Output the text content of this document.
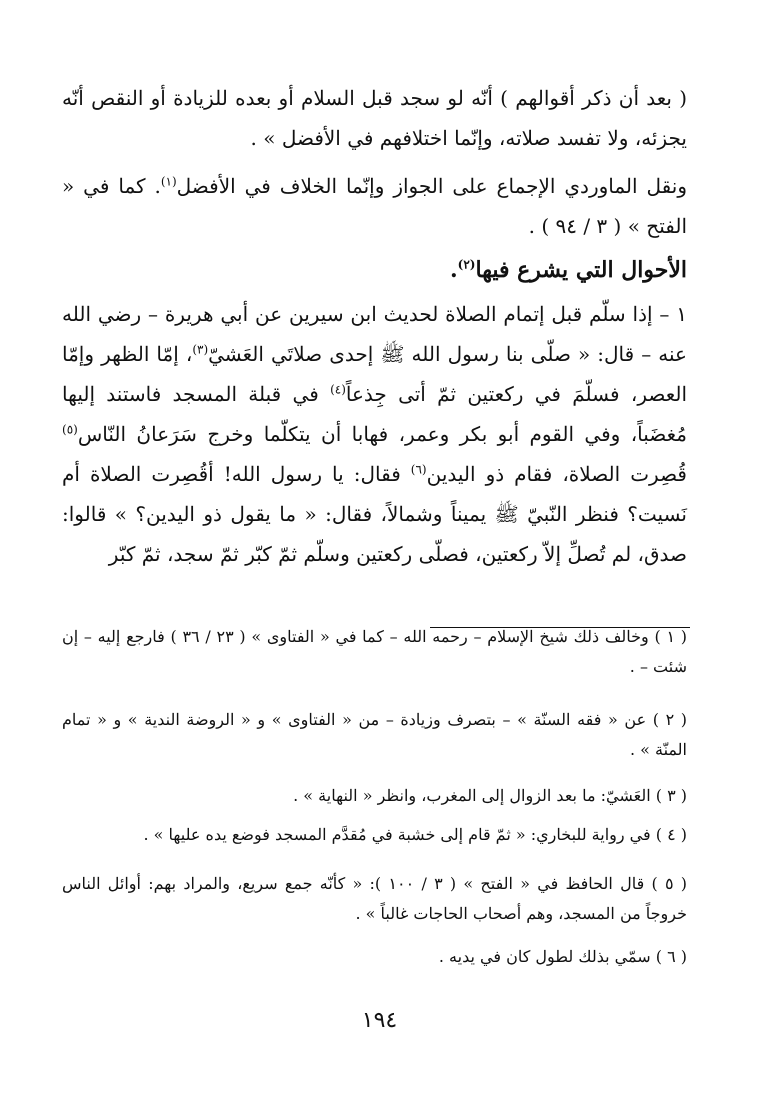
( بعد أن ذكر أقوالهم ) أنّه لو سجد قبل السلام أو بعده للزيادة أو النقص أنّه يجزئه، ولا تفسد صلاته، وإنّما اختلافهم في الأفضل » .

ونقل الماوردي الإجماع على الجواز وإنّما الخلاف في الأفضل$^{(١)}$. كما في « الفتح » ( ٣ / ٩٤ ) .

الأحوال التي يشرع فيها$^{(٢)}$.

١ – إذا سلّم قبل إتمام الصلاة لحديث ابن سيرين عن أبي هريرة – رضي الله عنه – قال: « صلّى بنا رسول الله ﷺ إحدى صلاتَي العَشيّ$^{(٣)}$، إمّا الظهر وإمّا العصر، فسلّمَ في ركعتين ثمّ أتى جِذعاً$^{(٤)}$ في قبلة المسجد فاستند إليها مُغضَباً، وفي القوم أبو بكر وعمر، فهابا أن يتكلّما وخرج سَرَعانُ النّاس$^{(٥)}$ قُصِرت الصلاة، فقام ذو اليدين$^{(٦)}$ فقال: يا رسول الله! أقُصِرت الصلاة أم نَسيت؟ فنظر النّبيّ ﷺ يميناً وشمالاً، فقال: « ما يقول ذو اليدين؟ » قالوا: صدق، لم تُصلِّ إلاّ ركعتين، فصلّى ركعتين وسلّم ثمّ كبّر ثمّ سجد، ثمّ كبّر

( ١ ) وخالف ذلك شيخ الإسلام – رحمه الله – كما في « الفتاوى » ( ٢٣ / ٣٦ ) فارجع إليه – إن شئت – .

( ٢ ) عن « فقه السنّة » – بتصرف وزيادة – من « الفتاوى » و « الروضة الندية » و « تمام المنّة » .

( ٣ ) العَشيّ: ما بعد الزوال إلى المغرب، وانظر « النهاية » .

( ٤ ) في رواية للبخاري: « ثمّ قام إلى خشبة في مُقدَّم المسجد فوضع يده عليها » .

( ٥ ) قال الحافظ في « الفتح » ( ٣ / ١٠٠ ): « كأنّه جمع سريع، والمراد بهم: أوائل الناس خروجاً من المسجد، وهم أصحاب الحاجات غالباً » .

( ٦ ) سمّي بذلك لطول كان في يديه .

١٩٤
